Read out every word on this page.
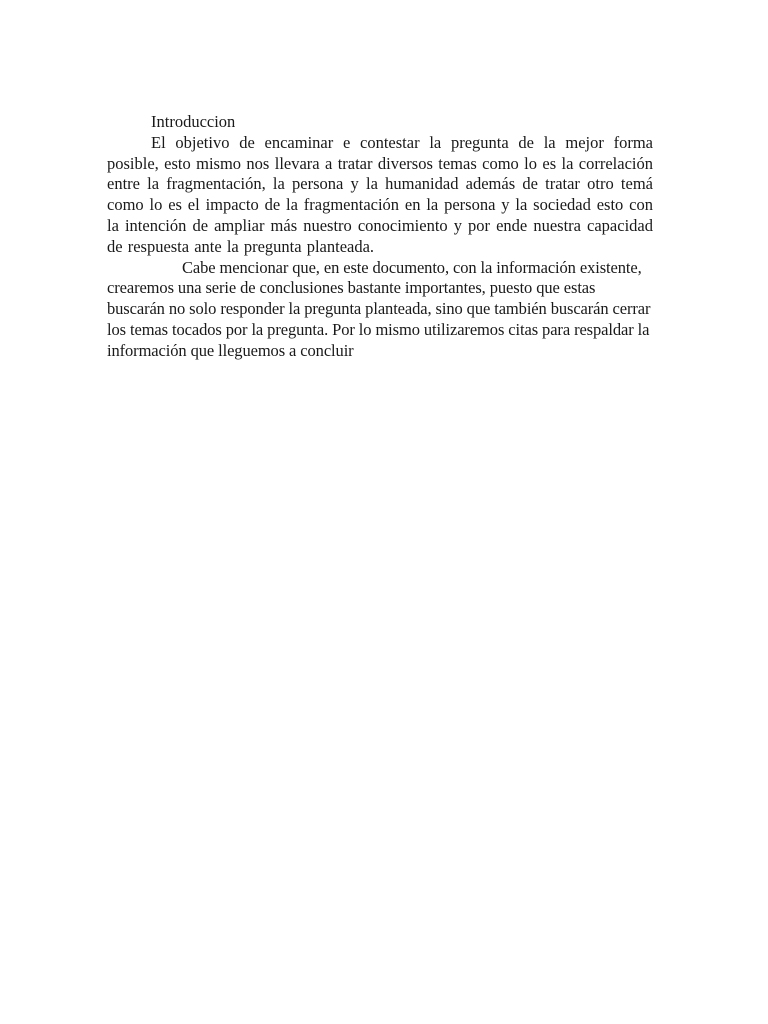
Introduccion

El objetivo de encaminar e contestar la pregunta de la mejor forma posible, esto mismo nos llevara a tratar diversos temas como lo es la correlación entre la fragmentación, la persona y la humanidad además de tratar otro temá como lo es el impacto de la fragmentación en la persona y la sociedad esto con la intención de ampliar más nuestro conocimiento y por ende nuestra capacidad de respuesta ante la pregunta planteada.

Cabe mencionar que, en este documento, con la información existente, crearemos una serie de conclusiones bastante importantes, puesto que estas buscarán no solo responder la pregunta planteada, sino que también buscarán cerrar los temas tocados por la pregunta. Por lo mismo utilizaremos citas para respaldar la información que lleguemos a concluir
